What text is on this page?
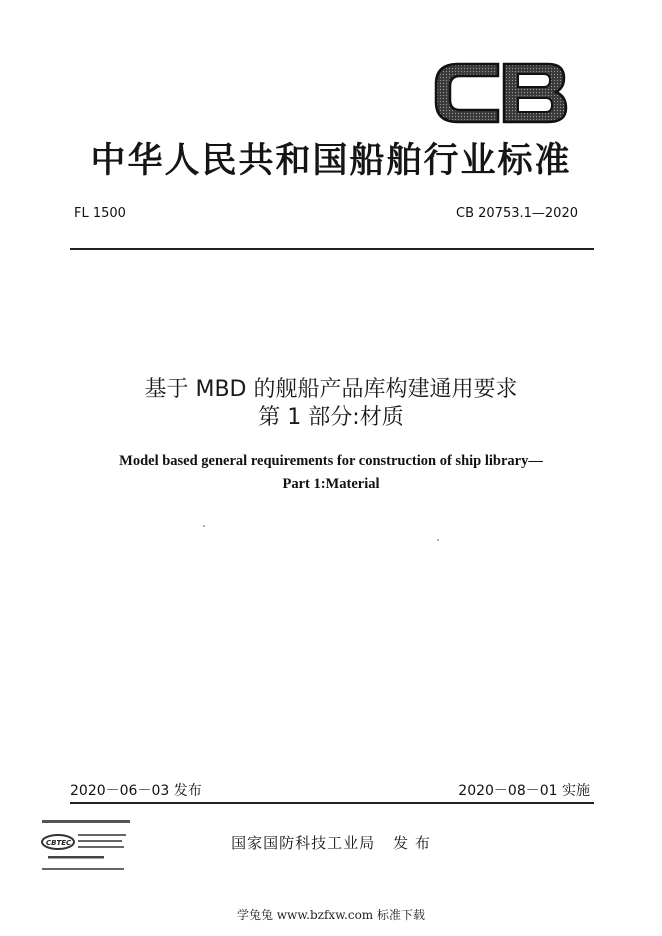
中华人民共和国船舶行业标准
FL 1500	CB 20753.1—2020
基于 MBD 的舰船产品库构建通用要求
第 1 部分:材质
Model based general requirements for construction of ship library—
Part 1:Material
2020－06－03 发布	2020－08－01 实施
CBTEC	国家国防科技工业局 发 布
学兔兔 www.bzfxw.com 标准下载
